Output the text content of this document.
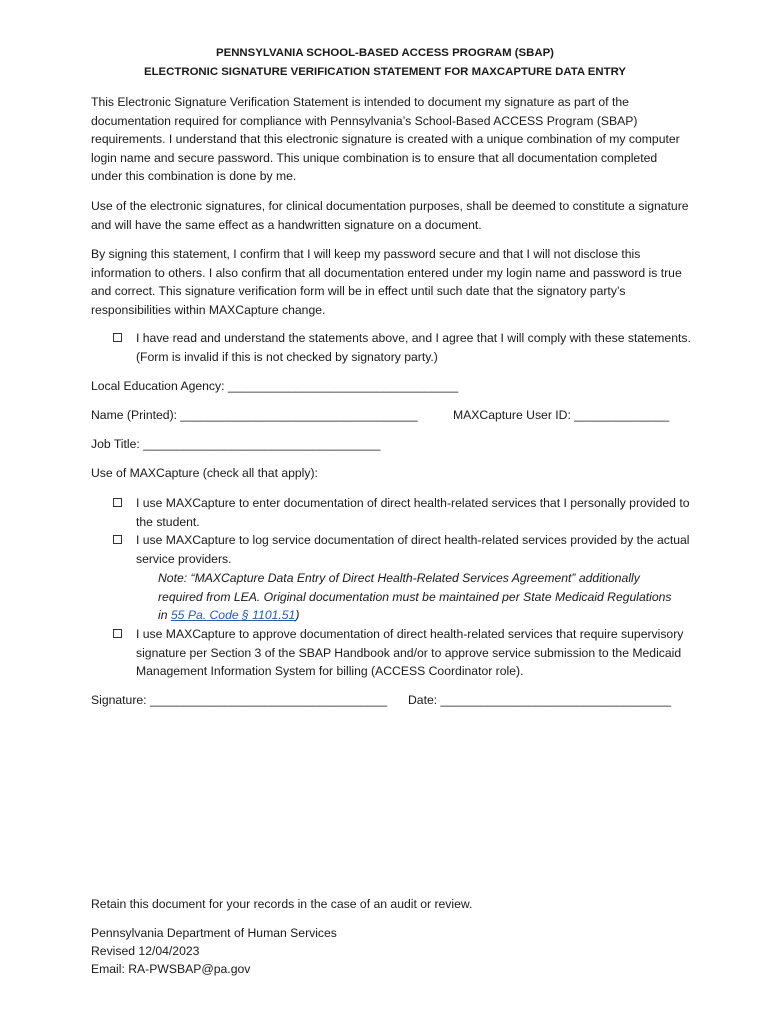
PENNSYLVANIA SCHOOL-BASED ACCESS PROGRAM (SBAP)
ELECTRONIC SIGNATURE VERIFICATION STATEMENT FOR MAXCAPTURE DATA ENTRY
This Electronic Signature Verification Statement is intended to document my signature as part of the documentation required for compliance with Pennsylvania’s School-Based ACCESS Program (SBAP) requirements. I understand that this electronic signature is created with a unique combination of my computer login name and secure password. This unique combination is to ensure that all documentation completed under this combination is done by me.
Use of the electronic signatures, for clinical documentation purposes, shall be deemed to constitute a signature and will have the same effect as a handwritten signature on a document.
By signing this statement, I confirm that I will keep my password secure and that I will not disclose this information to others. I also confirm that all documentation entered under my login name and password is true and correct. This signature verification form will be in effect until such date that the signatory party’s responsibilities within MAXCapture change.
I have read and understand the statements above, and I agree that I will comply with these statements. (Form is invalid if this is not checked by signatory party.)
Local Education Agency: __________________________________
Name (Printed): ___________________________________	MAXCapture User ID: ______________
Job Title: ___________________________________
Use of MAXCapture (check all that apply):
I use MAXCapture to enter documentation of direct health-related services that I personally provided to the student.
I use MAXCapture to log service documentation of direct health-related services provided by the actual service providers.
Note: “MAXCapture Data Entry of Direct Health-Related Services Agreement” additionally required from LEA. Original documentation must be maintained per State Medicaid Regulations in 55 Pa. Code § 1101.51)
I use MAXCapture to approve documentation of direct health-related services that require supervisory signature per Section 3 of the SBAP Handbook and/or to approve service submission to the Medicaid Management Information System for billing (ACCESS Coordinator role).
Signature: ___________________________________ Date: __________________________________
Retain this document for your records in the case of an audit or review.
Pennsylvania Department of Human Services
Revised 12/04/2023
Email: RA-PWSBAP@pa.gov
